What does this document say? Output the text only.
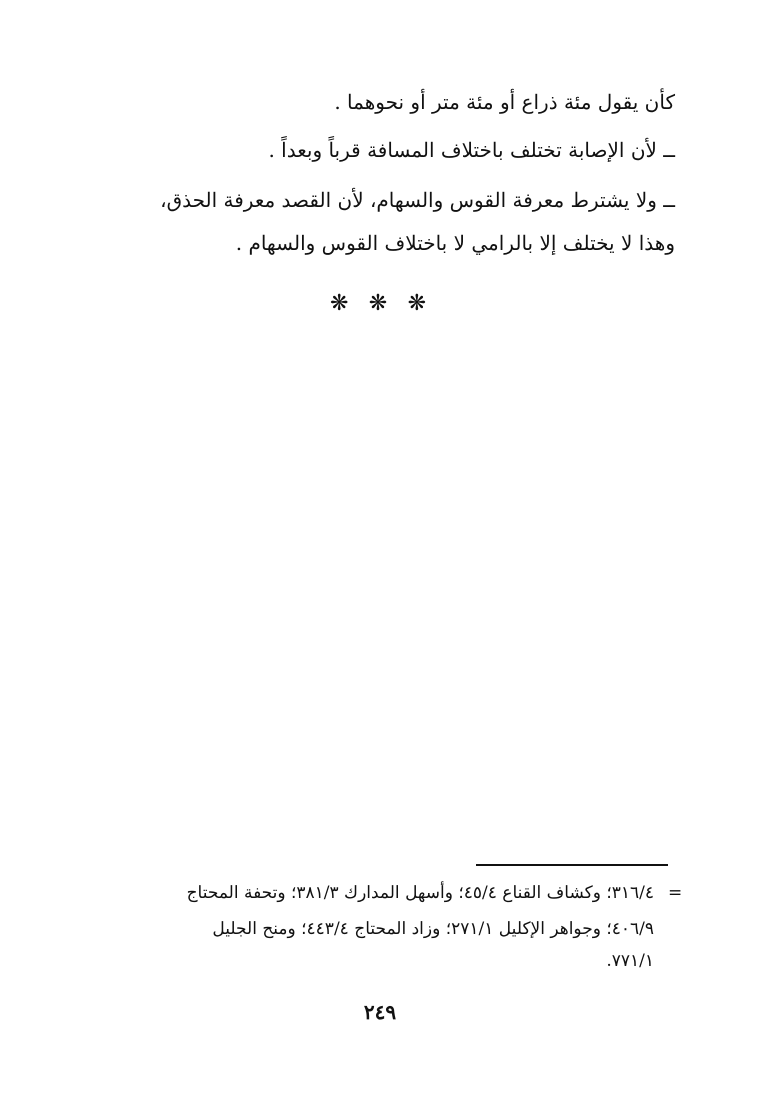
كأن يقول مئة ذراع أو مئة متر أو نحوهما .
ــ لأن الإصابة تختلف باختلاف المسافة قرباً وبعداً .
ــ ولا يشترط معرفة القوس والسهام، لأن القصد معرفة الحذق،
وهذا لا يختلف إلا بالرامي لا باختلاف القوس والسهام .
❋ ❋ ❋
=
٣١٦/٤؛ وكشاف القناع ٤٥/٤؛ وأسهل المدارك ٣٨١/٣؛ وتحفة المحتاج
٤٠٦/٩؛ وجواهر الإكليل ٢٧١/١؛ وزاد المحتاج ٤٤٣/٤؛ ومنح الجليل
٧٧١/١.
٢٤٩
